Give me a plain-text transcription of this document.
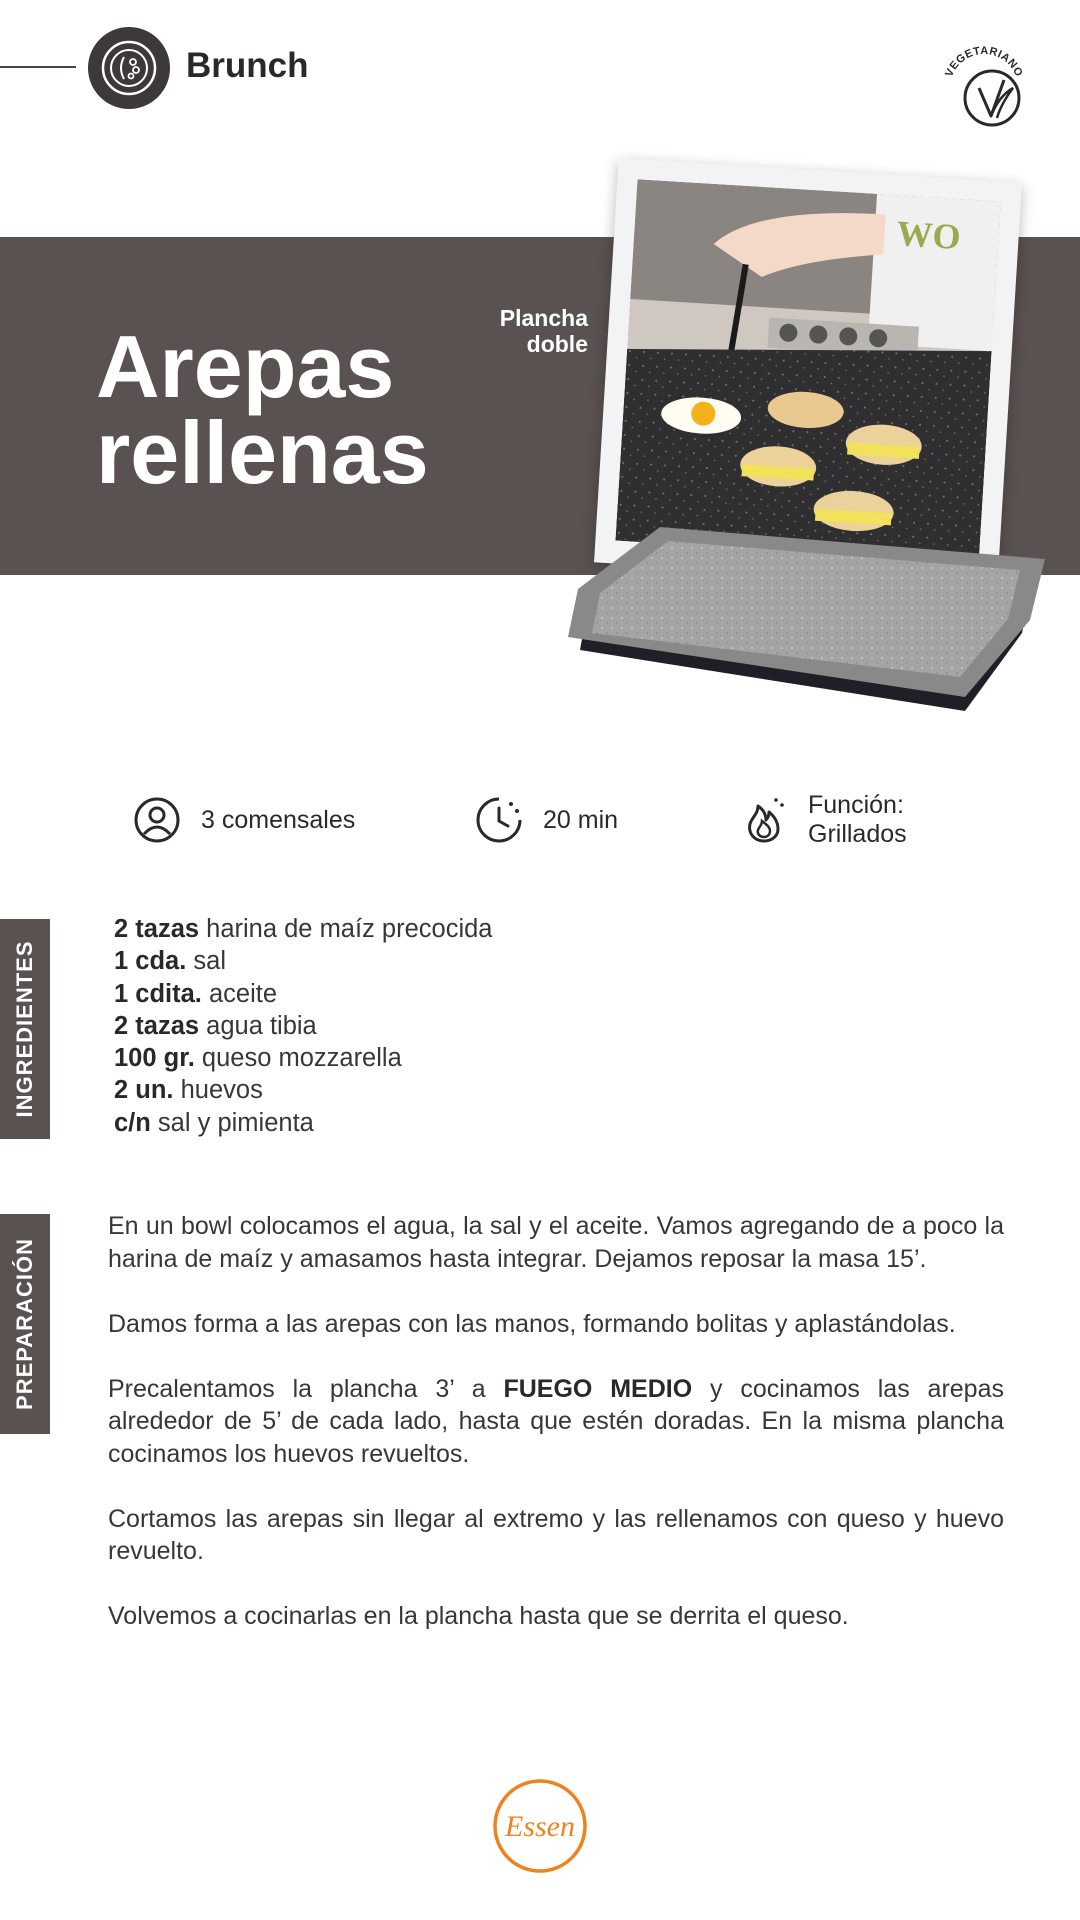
Brunch	VEGETARIANO
Arepas
rellenas
Plancha
doble
WO
3 comensales	20 min
Función:
Grillados
INGREDIENTES
2 tazas harina de maíz precocida
1 cda. sal
1 cdita. aceite
2 tazas agua tibia
100 gr. queso mozzarella
2 un. huevos
c/n sal y pimienta
PREPARACIÓN

En un bowl colocamos el agua, la sal y el aceite. Vamos agregando de a poco la harina de maíz y amasamos hasta integrar. Dejamos reposar la masa 15’.

Damos forma a las arepas con las manos, formando bolitas y aplastándolas.

Precalentamos la plancha 3’ a FUEGO MEDIO y cocinamos las arepas alrededor de 5’ de cada lado, hasta que estén doradas. En la misma plancha cocinamos los huevos revueltos.

Cortamos las arepas sin llegar al extremo y las rellenamos con queso y huevo revuelto.

Volvemos a cocinarlas en la plancha hasta que se derrita el queso.

Essen
